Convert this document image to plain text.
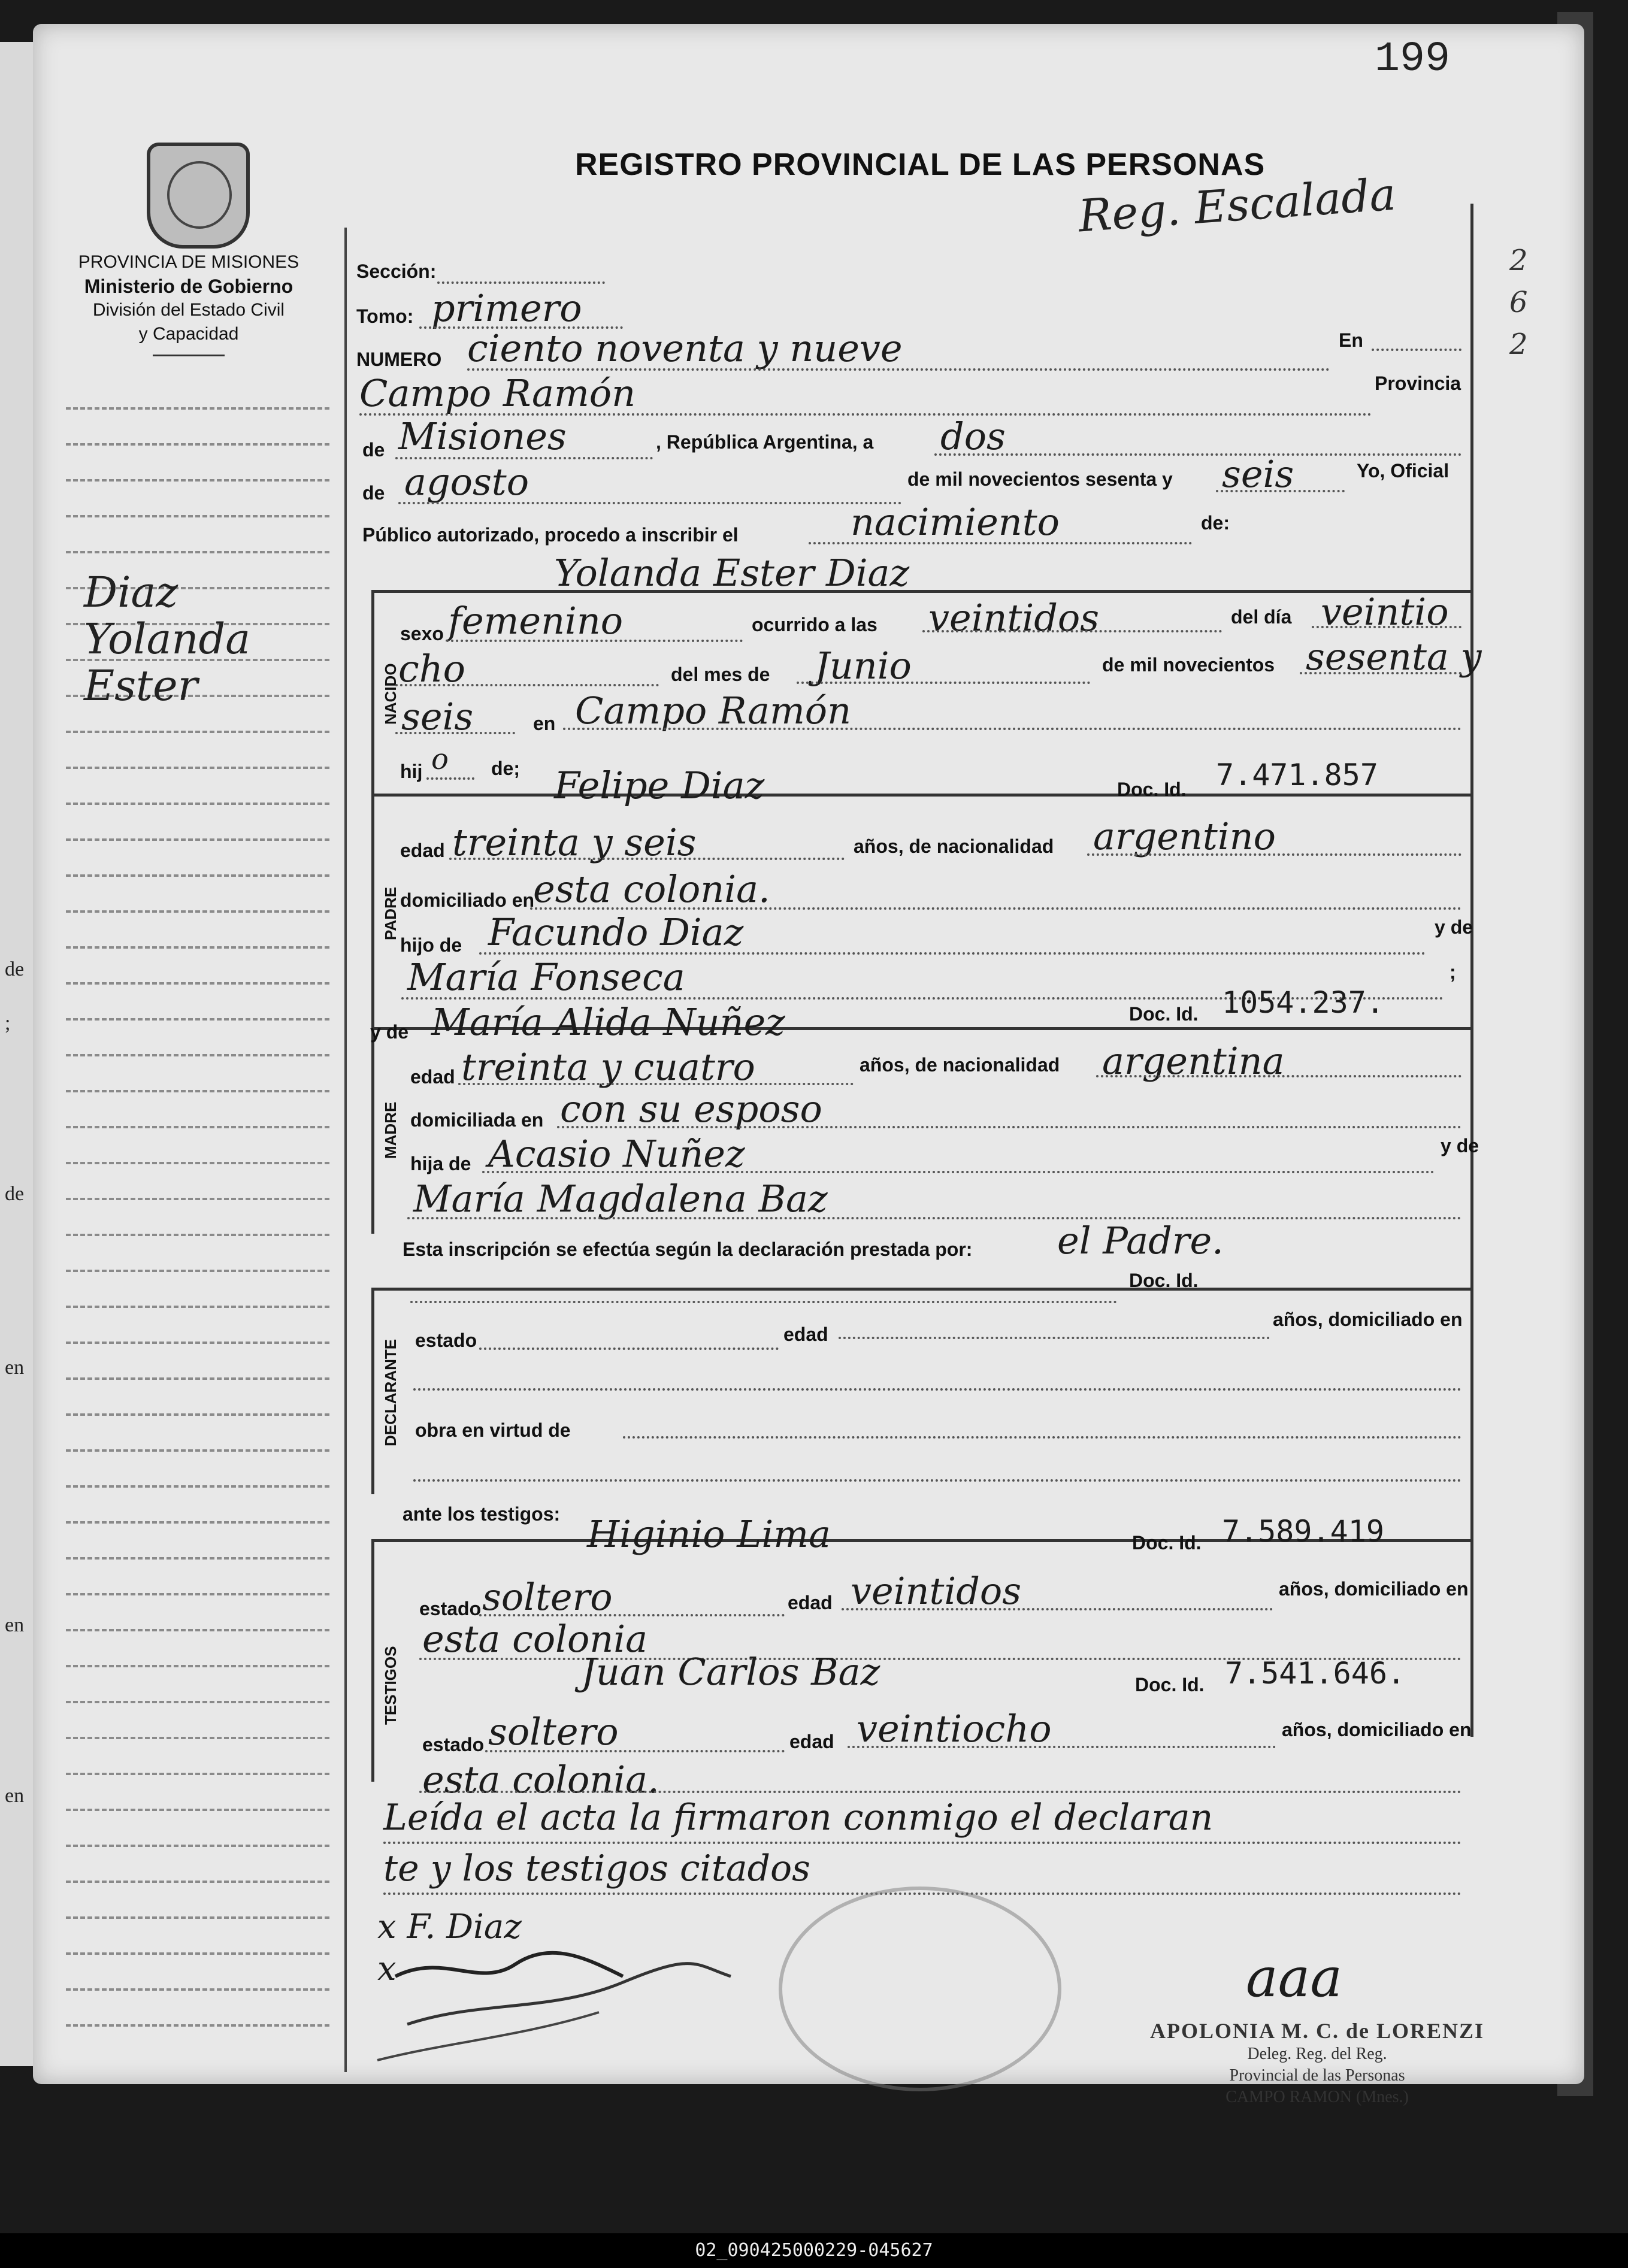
de
;
de
en
en
en
199
REGISTRO PROVINCIAL DE LAS PERSONAS
Reg. Escalada
2
6
2
PROVINCIA DE MISIONES
Ministerio de Gobierno
División del Estado Civil
y Capacidad
Diaz
Yolanda
Ester
Sección:
Tomo: primero
NUMERO ciento noventa y nueve	En
Campo Ramón	Provincia
de Misiones	, República Argentina, a dos
de agosto	de mil novecientos sesenta y seis	Yo, Oficial
Público autorizado, procedo a inscribir el	nacimiento	de:
Yolanda Ester Diaz
NACIDO
sexo femenino	ocurrido a las veintidos	del día veintio
cho	del mes de Junio	de mil novecientos sesenta y
seis	en Campo Ramón
hij o de;
PADRE
Felipe Diaz	Doc. Id. 7.471.857
edad treinta y seis	años, de nacionalidad argentino
domiciliado en
esta colonia.
hijo de Facundo Diaz	y de
María Fonseca	;
MADRE
y de María Alida Nuñez	Doc. Id. 1054.237.
edad treinta y cuatro	años, de nacionalidad argentina
domiciliada en con su esposo
hija de Acasio Nuñez	y de
María Magdalena Baz
Esta inscripción se efectúa según la declaración prestada por: el Padre.
Doc. Id.
DECLARANTE estado	edad
años, domiciliado en
obra en virtud de
ante los testigos:
TESTIGOS
Higinio Lima	Doc. Id. 7.589.419
estado soltero	edad veintidos	años, domiciliado en
esta colonia
Juan Carlos Baz	Doc. Id. 7.541.646.
estado soltero	edad veintiocho	años, domiciliado en
esta colonia.
Leída el acta la firmaron conmigo el declaran
te y los testigos citados
x F. Diaz
x	aaa
APOLONIA M. C. de LORENZI
Deleg. Reg. del Reg.
Provincial de las Personas
CAMPO RAMON (Mnes.)
02_090425000229-045627
